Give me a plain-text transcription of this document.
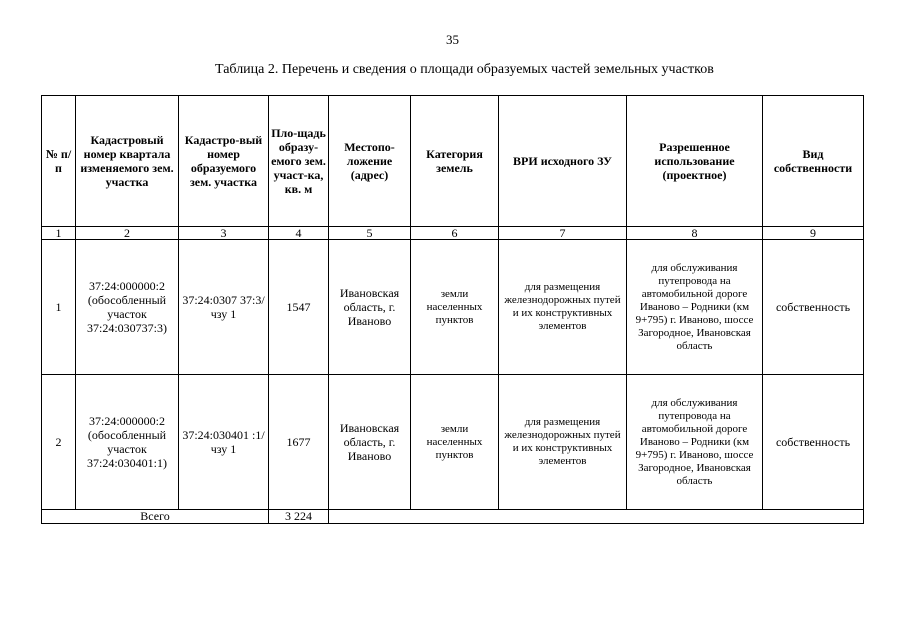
35
Таблица 2. Перечень и сведения о площади образуемых частей земельных участков
№ п/п	Кадастровый номер квартала изменяемого зем. участка	Кадастро-вый номер образуемого зем. участка	Пло-щадь образу-емого зем. участ-ка, кв. м	Местопо-ложение (адрес)	Категория земель	ВРИ исходного ЗУ	Разрешенное использование (проектное)	Вид собственности
1	2	3	4	5	6	7	8	9
1	37:24:000000:2 (обособленный участок 37:24:030737:3)	37:24:0307 37:3/чзу 1	1547	Ивановская область, г. Иваново	земли населенных пунктов	для размещения железнодорожных путей и их конструктивных элементов	для обслуживания путепровода на автомобильной дороге Иваново – Родники (км 9+795) г. Иваново, шоссе Загородное, Ивановская область	собственность
2	37:24:000000:2 (обособленный участок 37:24:030401:1)	37:24:030401 :1/чзу 1	1677	Ивановская область, г. Иваново	земли населенных пунктов	для размещения железнодорожных путей и их конструктивных элементов	для обслуживания путепровода на автомобильной дороге Иваново – Родники (км 9+795) г. Иваново, шоссе Загородное, Ивановская область	собственность
Всего			3 224					
